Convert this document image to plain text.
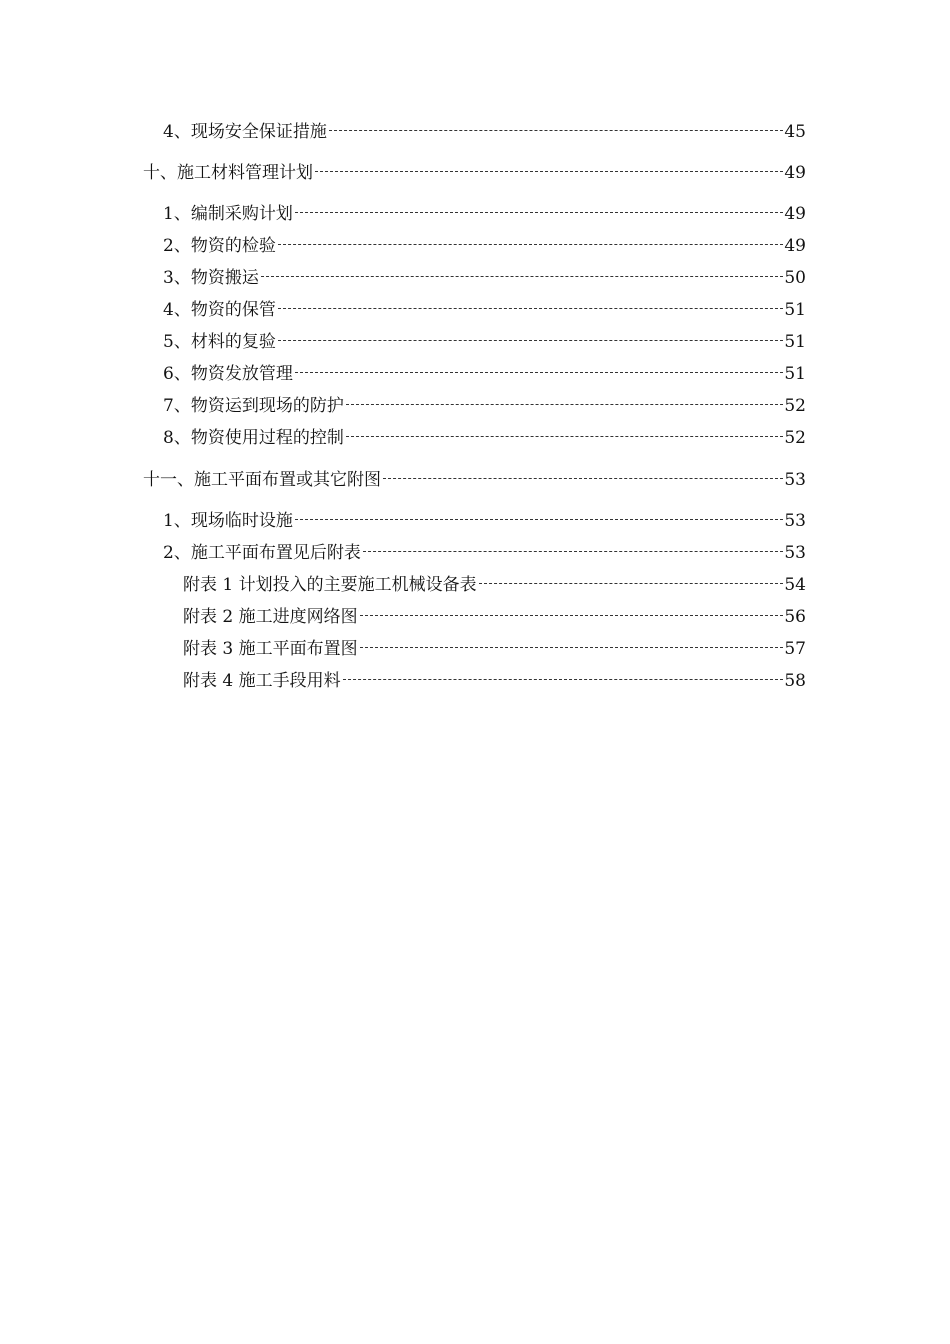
4、现场安全保证措施	45
十、施工材料管理计划	49
1、编制采购计划	49
2、物资的检验	49
3、物资搬运	50
4、物资的保管	51
5、材料的复验	51
6、物资发放管理	51
7、物资运到现场的防护	52
8、物资使用过程的控制	52
十一、施工平面布置或其它附图	53
1、现场临时设施	53
2、施工平面布置见后附表	53
附表 1 计划投入的主要施工机械设备表	54
附表 2 施工进度网络图	56
附表 3 施工平面布置图	57
附表 4 施工手段用料	58
